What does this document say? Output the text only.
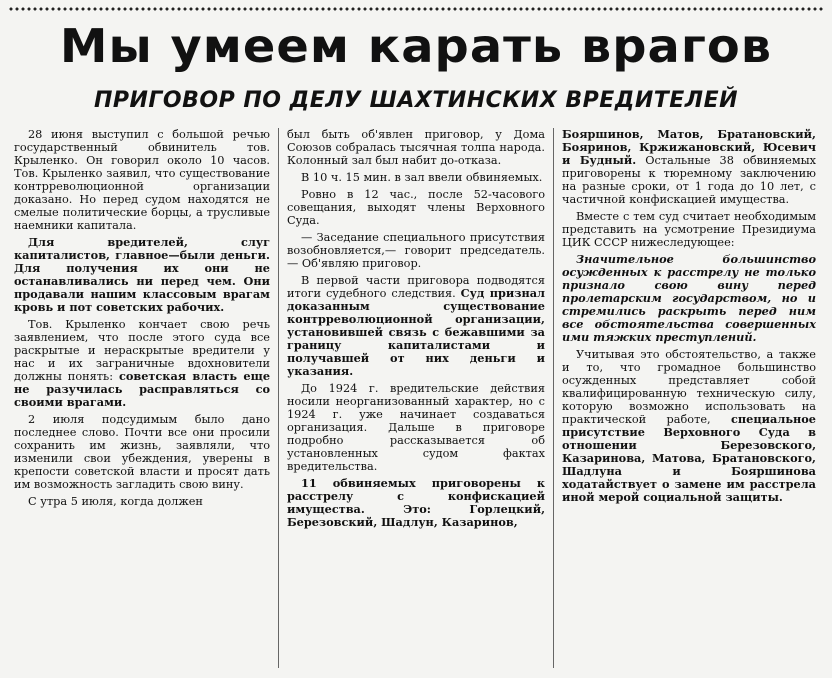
Мы умеем карать врагов
ПРИГОВОР ПО ДЕЛУ ШАХТИНСКИХ ВРЕДИТЕЛЕЙ

28 июня выступил с большой речью государственный обвинитель тов. Крыленко. Он говорил около 10 часов. Тов. Крыленко заявил, что существование контрреволюционной организации доказано. Но перед судом находятся не смелые политические борцы, а трусливые наемники капитала.

Для вредителей, слуг капиталистов, главное—были деньги. Для получения их они не останавливались ни перед чем. Они продавали нашим классовым врагам кровь и пот советских рабочих.

Тов. Крыленко кончает свою речь заявлением, что после этого суда все раскрытые и нераскрытые вредители у нас и их заграничные вдохновители должны понять: советская власть еще не разучилась расправляться со своими врагами.

2 июля подсудимым было дано последнее слово. Почти все они просили сохранить им жизнь, заявляли, что изменили свои убеждения, уверены в крепости советской власти и просят дать им возможность загладить свою вину.

С утра 5 июля, когда должен

был быть об'явлен приговор, у Дома Союзов собралась тысячная толпа народа. Колонный зал был набит до-отказа.

В 10 ч. 15 мин. в зал ввели обвиняемых.

Ровно в 12 час., после 52-часового совещания, выходят члены Верховного Суда.

— Заседание специального присутствия возобновляется,— говорит председатель. — Об'являю приговор.

В первой части приговора подводятся итоги судебного следствия. Суд признал доказанным существование контрреволюционной организации, установившей связь с бежавшими за границу капиталистами и получавшей от них деньги и указания.

До 1924 г. вредительские действия носили неорганизованный характер, но с 1924 г. уже начинает создаваться организация. Дальше в приговоре подробно рассказывается об установленных судом фактах вредительства.

11 обвиняемых приговорены к расстрелу с конфискацией имущества. Это: Горлецкий, Березовский, Шадлун, Казаринов,

Бояршинов, Матов, Братановский, Бояринов, Кржижановский, Юсевич и Будный. Остальные 38 обвиняемых приговорены к тюремному заключению на разные сроки, от 1 года до 10 лет, с частичной конфискацией имущества.

Вместе с тем суд считает необходимым представить на усмотрение Президиума ЦИК СССР нижеследующее:

Значительное большинство осужденных к расстрелу не только признало свою вину перед пролетарским государством, но и стремились раскрыть перед ним все обстоятельства совершенных ими тяжких преступлений.

Учитывая это обстоятельство, а также и то, что громадное большинство осужденных представляет собой квалифицированную техническую силу, которую возможно использовать на практической работе, специальное присутствие Верховного Суда в отношении Березовского, Казаринова, Матова, Братановского, Шадлуна и Бояршинова ходатайствует о замене им расстрела иной мерой социальной защиты.
